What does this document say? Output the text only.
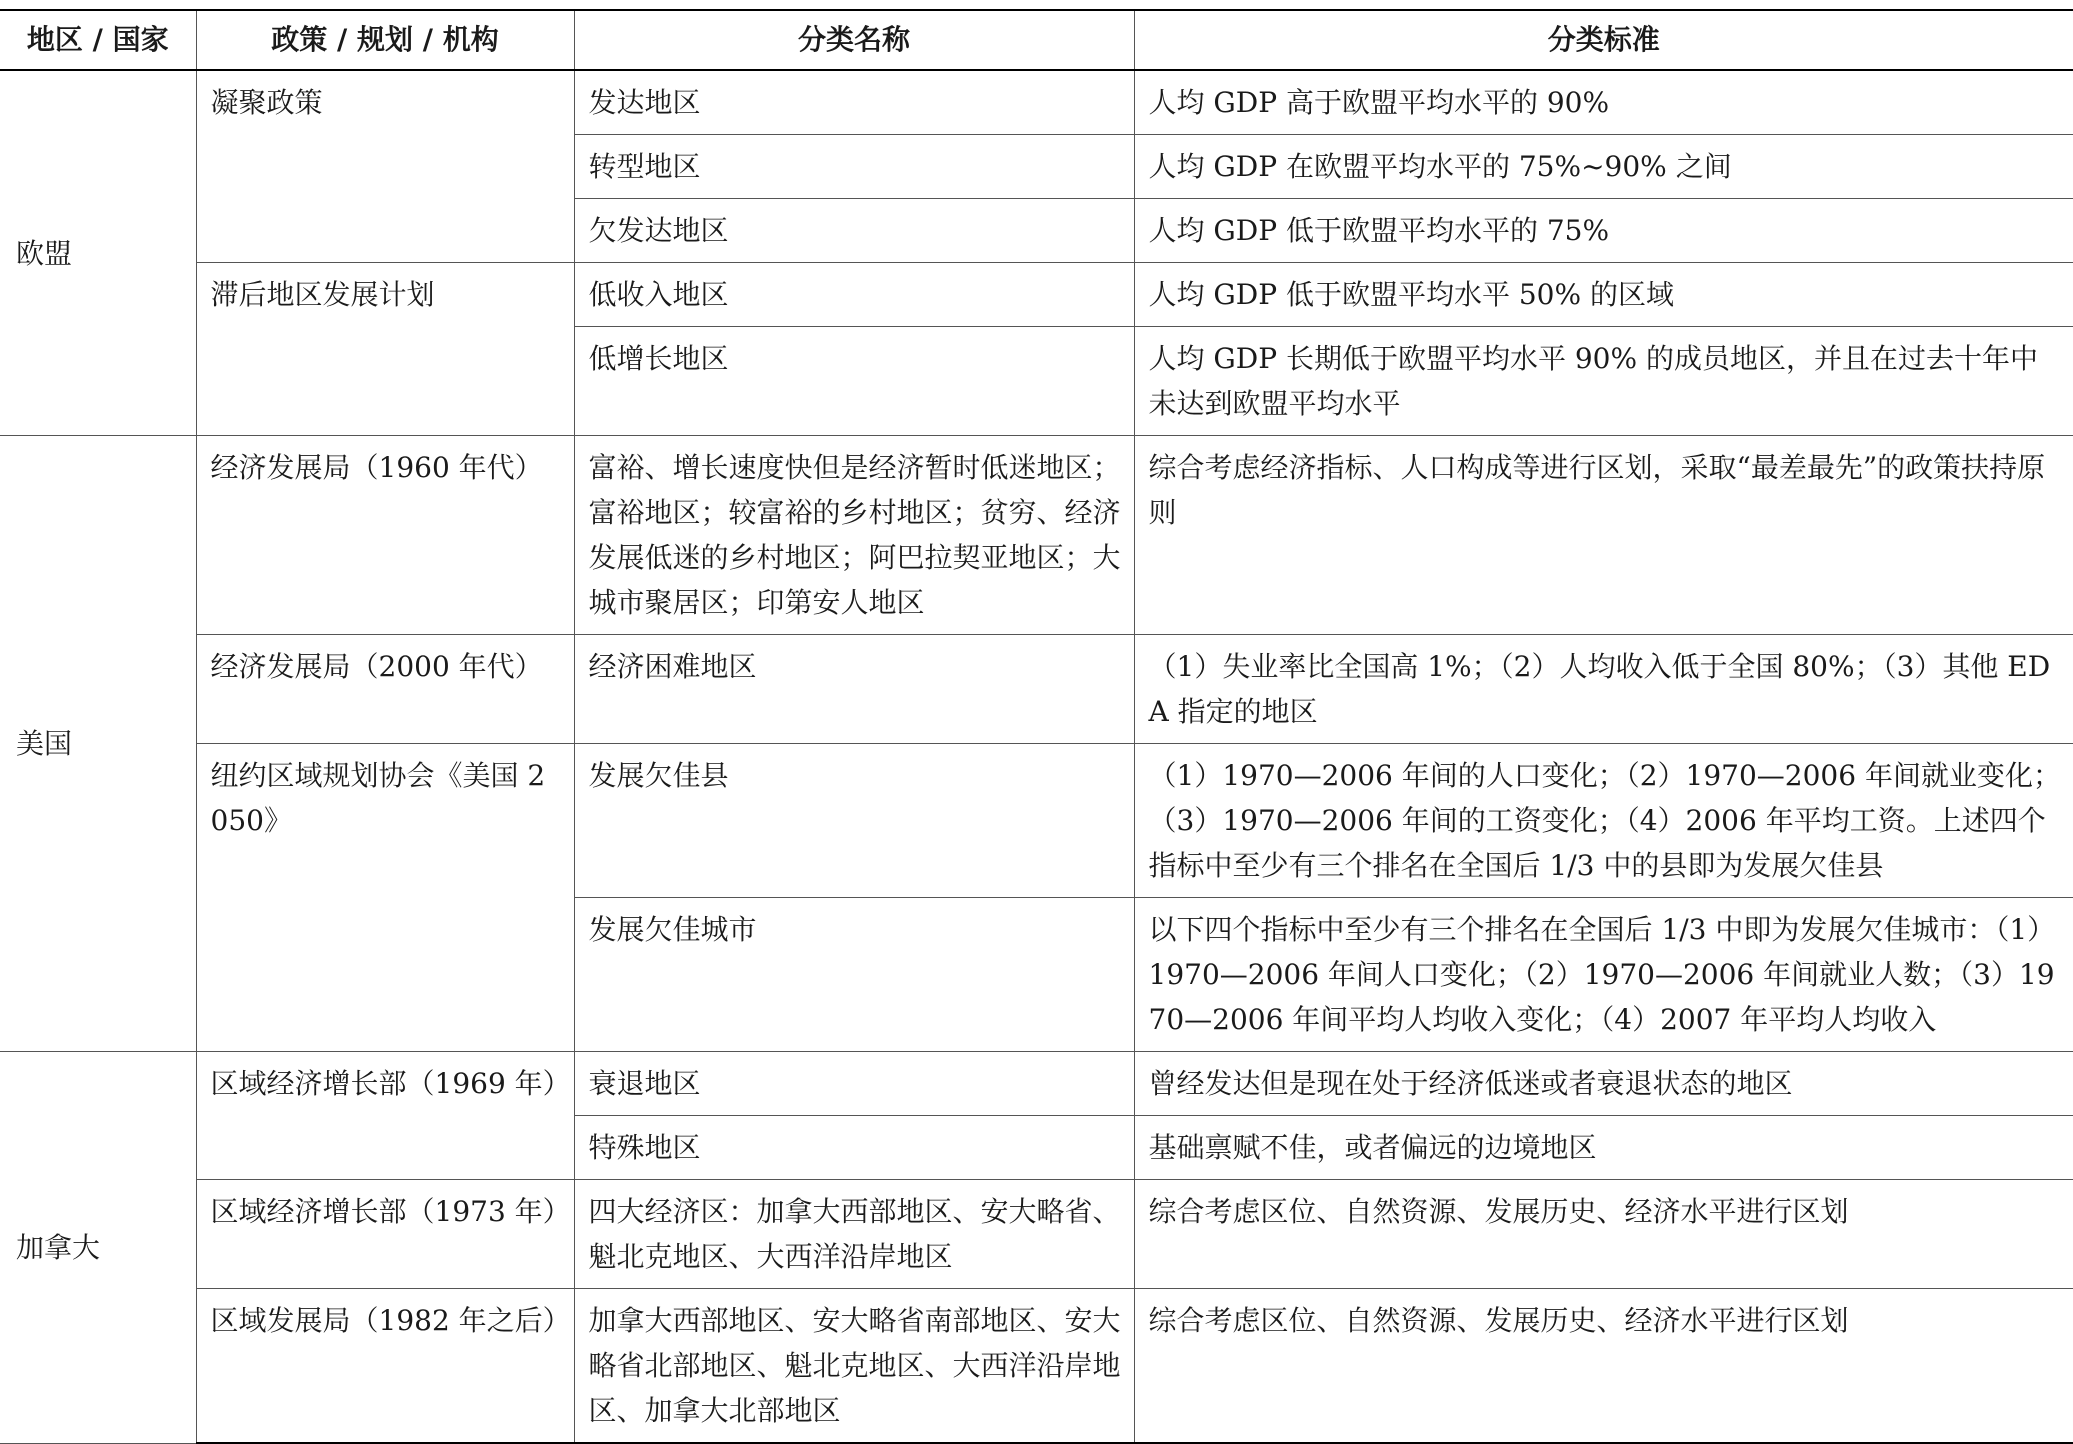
地区 / 国家	政策 / 规划 / 机构	分类名称	分类标准
欧盟	凝聚政策	发达地区	人均 GDP 高于欧盟平均水平的 90%
		转型地区	人均 GDP 在欧盟平均水平的 75%~90% 之间
		欠发达地区	人均 GDP 低于欧盟平均水平的 75%
	滞后地区发展计划	低收入地区	人均 GDP 低于欧盟平均水平 50% 的区域
		低增长地区	人均 GDP 长期低于欧盟平均水平 90% 的成员地区，并且在过去十年中未达到欧盟平均水平
美国	经济发展局（1960 年代）	富裕、增长速度快但是经济暂时低迷地区；富裕地区；较富裕的乡村地区；贫穷、经济发展低迷的乡村地区；阿巴拉契亚地区；大城市聚居区；印第安人地区	综合考虑经济指标、人口构成等进行区划，采取“最差最先”的政策扶持原则
	经济发展局（2000 年代）	经济困难地区	（1）失业率比全国高 1%；（2）人均收入低于全国 80%；（3）其他 EDA 指定的地区
	纽约区域规划协会《美国 2050》	发展欠佳县	（1）1970—2006 年间的人口变化；（2）1970—2006 年间就业变化；（3）1970—2006 年间的工资变化；（4）2006 年平均工资。上述四个指标中至少有三个排名在全国后 1/3 中的县即为发展欠佳县
		发展欠佳城市	以下四个指标中至少有三个排名在全国后 1/3 中即为发展欠佳城市：（1）1970—2006 年间人口变化；（2）1970—2006 年间就业人数；（3）1970—2006 年间平均人均收入变化；（4）2007 年平均人均收入
加拿大	区域经济增长部（1969 年）	衰退地区	曾经发达但是现在处于经济低迷或者衰退状态的地区
		特殊地区	基础禀赋不佳，或者偏远的边境地区
	区域经济增长部（1973 年）	四大经济区：加拿大西部地区、安大略省、魁北克地区、大西洋沿岸地区	综合考虑区位、自然资源、发展历史、经济水平进行区划
	区域发展局（1982 年之后）	加拿大西部地区、安大略省南部地区、安大略省北部地区、魁北克地区、大西洋沿岸地区、加拿大北部地区	综合考虑区位、自然资源、发展历史、经济水平进行区划
